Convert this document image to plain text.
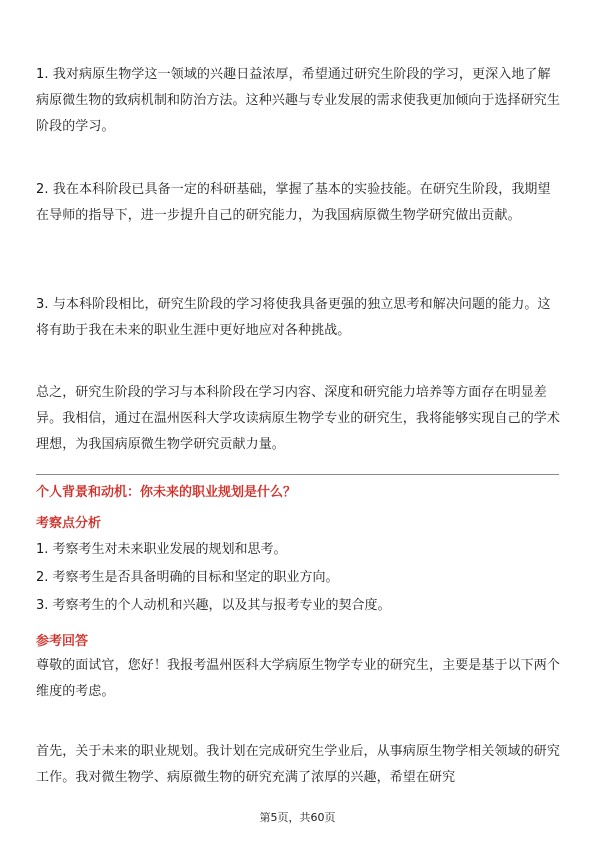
1. 我对病原生物学这一领域的兴趣日益浓厚，希望通过研究生阶段的学习，更深入地了解病原微生物的致病机制和防治方法。这种兴趣与专业发展的需求使我更加倾向于选择研究生阶段的学习。

2. 我在本科阶段已具备一定的科研基础，掌握了基本的实验技能。在研究生阶段，我期望在导师的指导下，进一步提升自己的研究能力，为我国病原微生物学研究做出贡献。

3. 与本科阶段相比，研究生阶段的学习将使我具备更强的独立思考和解决问题的能力。这将有助于我在未来的职业生涯中更好地应对各种挑战。

总之，研究生阶段的学习与本科阶段在学习内容、深度和研究能力培养等方面存在明显差异。我相信，通过在温州医科大学攻读病原生物学专业的研究生，我将能够实现自己的学术理想，为我国病原微生物学研究贡献力量。

个人背景和动机：你未来的职业规划是什么？

考察点分析

1. 考察考生对未来职业发展的规划和思考。

2. 考察考生是否具备明确的目标和坚定的职业方向。

3. 考察考生的个人动机和兴趣，以及其与报考专业的契合度。

参考回答

尊敬的面试官，您好！我报考温州医科大学病原生物学专业的研究生，主要是基于以下两个维度的考虑。

首先，关于未来的职业规划。我计划在完成研究生学业后，从事病原生物学相关领域的研究工作。我对微生物学、病原微生物的研究充满了浓厚的兴趣，希望在研究

第5页，共60页
